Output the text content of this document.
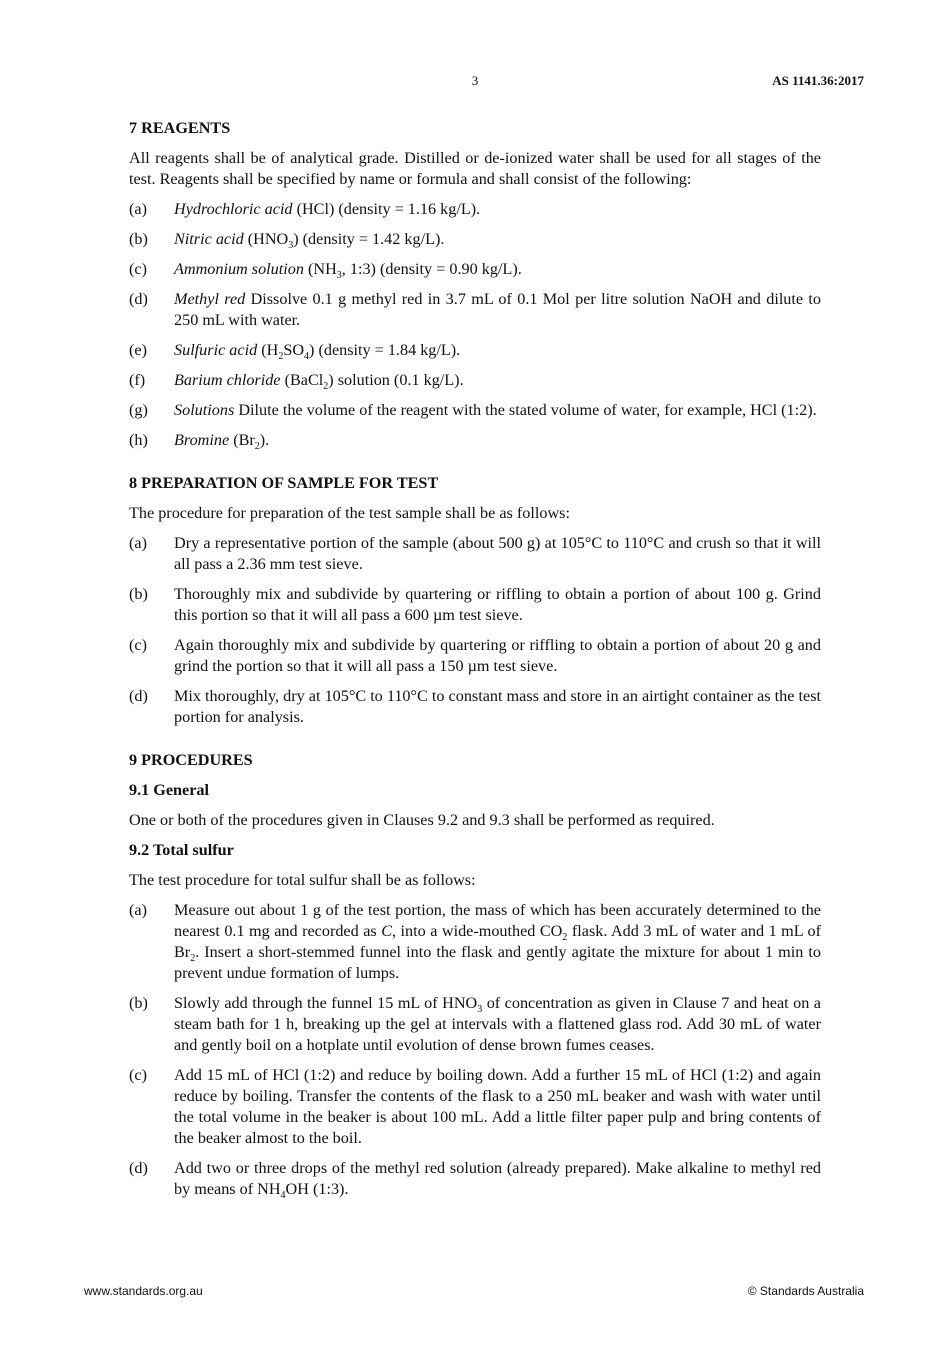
3	AS 1141.36:2017
7 REAGENTS
All reagents shall be of analytical grade. Distilled or de-ionized water shall be used for all stages of the test. Reagents shall be specified by name or formula and shall consist of the following:
(a)	Hydrochloric acid (HCl) (density = 1.16 kg/L).
(b)	Nitric acid $(HNO_3)$ (density = 1.42 kg/L).
(c)	Ammonium solution ($NH_3$, 1:3) (density = 0.90 kg/L).
(d)	Methyl red Dissolve 0.1 g methyl red in 3.7 mL of 0.1 Mol per litre solution NaOH and dilute to 250 mL with water.
(e)	Sulfuric acid $(H_2SO_4)$ (density = 1.84 kg/L).
(f)	Barium chloride (BaCl$_2$) solution (0.1 kg/L).
(g)	Solutions Dilute the volume of the reagent with the stated volume of water, for example, HCl (1:2).
(h)	Bromine $(Br_2)$.
8 PREPARATION OF SAMPLE FOR TEST
The procedure for preparation of the test sample shall be as follows:
(a)	Dry a representative portion of the sample (about 500 g) at 105°C to 110°C and crush so that it will all pass a 2.36 mm test sieve.
(b)	Thoroughly mix and subdivide by quartering or riffling to obtain a portion of about 100 g. Grind this portion so that it will all pass a 600 µm test sieve.
(c)	Again thoroughly mix and subdivide by quartering or riffling to obtain a portion of about 20 g and grind the portion so that it will all pass a 150 µm test sieve.
(d)	Mix thoroughly, dry at 105°C to 110°C to constant mass and store in an airtight container as the test portion for analysis.
9 PROCEDURES
9.1 General
One or both of the procedures given in Clauses 9.2 and 9.3 shall be performed as required.
9.2 Total sulfur
The test procedure for total sulfur shall be as follows:
(a)	Measure out about 1 g of the test portion, the mass of which has been accurately determined to the nearest 0.1 mg and recorded as C, into a wide-mouthed $CO_2$ flask. Add 3 mL of water and 1 mL of $Br_2$. Insert a short-stemmed funnel into the flask and gently agitate the mixture for about 1 min to prevent undue formation of lumps.
(b)	Slowly add through the funnel 15 mL of $HNO_3$ of concentration as given in Clause 7 and heat on a steam bath for 1 h, breaking up the gel at intervals with a flattened glass rod. Add 30 mL of water and gently boil on a hotplate until evolution of dense brown fumes ceases.
(c)	Add 15 mL of HCl (1:2) and reduce by boiling down. Add a further 15 mL of HCl (1:2) and again reduce by boiling. Transfer the contents of the flask to a 250 mL beaker and wash with water until the total volume in the beaker is about 100 mL. Add a little filter paper pulp and bring contents of the beaker almost to the boil.
(d)	Add two or three drops of the methyl red solution (already prepared). Make alkaline to methyl red by means of $NH_4OH$ (1:3).
www.standards.org.au	© Standards Australia
